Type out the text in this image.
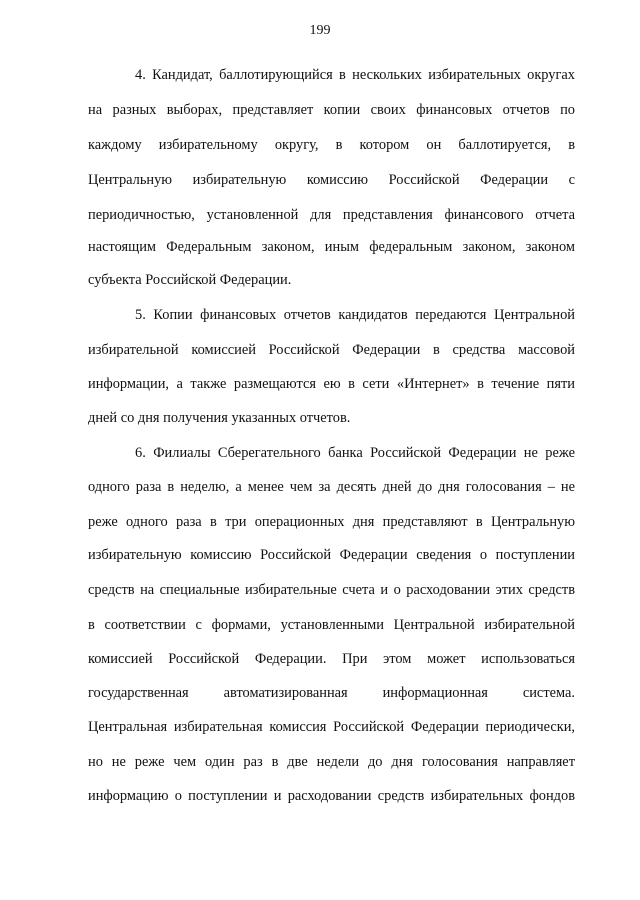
199
4. Кандидат, баллотирующийся в нескольких избирательных округах
на разных выборах, представляет копии своих финансовых отчетов по
каждому избирательному округу, в котором он баллотируется, в
Центральную избирательную комиссию Российской Федерации с
периодичностью, установленной для представления финансового отчета
настоящим Федеральным законом, иным федеральным законом, законом
субъекта Российской Федерации.
5. Копии финансовых отчетов кандидатов передаются Центральной
избирательной комиссией Российской Федерации в средства массовой
информации, а также размещаются ею в сети «Интернет» в течение пяти
дней со дня получения указанных отчетов.
6. Филиалы Сберегательного банка Российской Федерации не реже
одного раза в неделю, а менее чем за десять дней до дня голосования – не
реже одного раза в три операционных дня представляют в Центральную
избирательную комиссию Российской Федерации сведения о поступлении
средств на специальные избирательные счета и о расходовании этих средств
в соответствии с формами, установленными Центральной избирательной
комиссией Российской Федерации. При этом может использоваться
государственная автоматизированная информационная система.
Центральная избирательная комиссия Российской Федерации периодически,
но не реже чем один раз в две недели до дня голосования направляет
информацию о поступлении и расходовании средств избирательных фондов
